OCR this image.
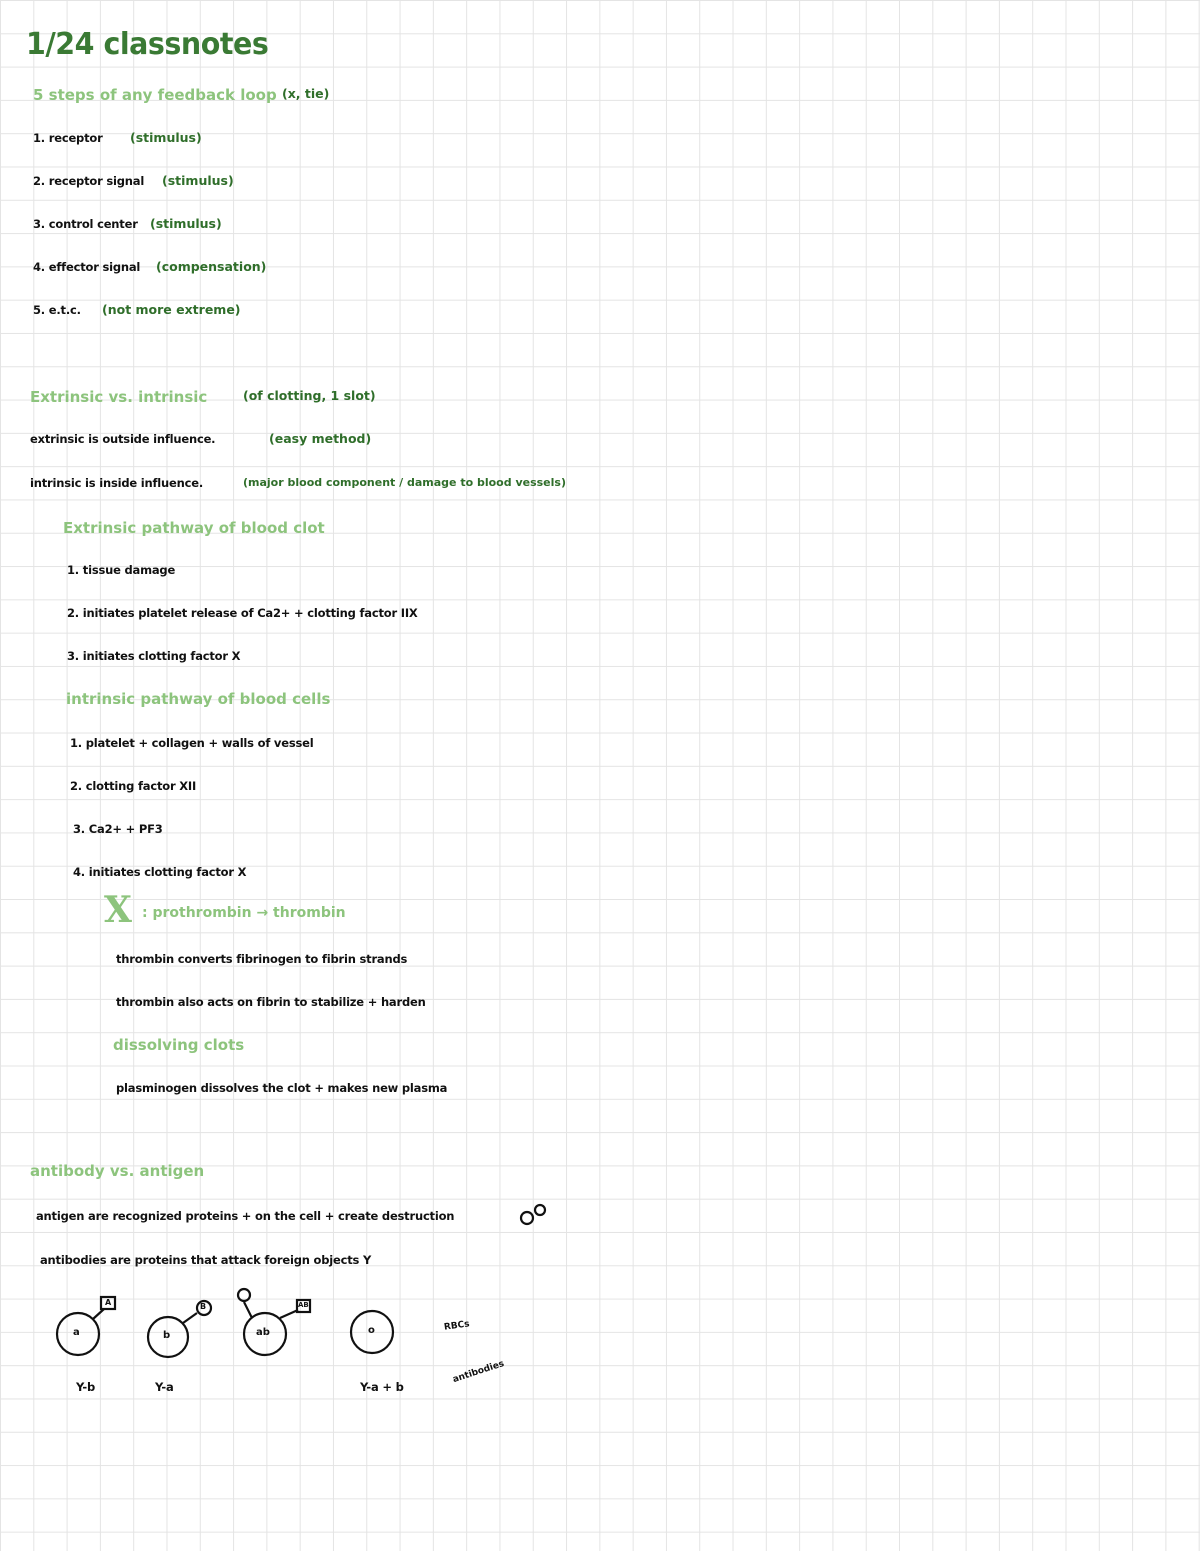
1/24 classnotes
5 steps of any feedback loop (x, tie)
1. receptor (stimulus)
2. receptor signal (stimulus)
3. control center (stimulus)
4. effector signal (compensation)
5. e.t.c. (not more extreme)
Extrinsic vs. intrinsic	(of clotting, 1 slot)
extrinsic is outside influence.	(easy method)
intrinsic is inside influence.	(major blood component / damage to blood vessels)
Extrinsic pathway of blood clot
1. tissue damage
2. initiates platelet release of Ca2+ + clotting factor IIX
3. initiates clotting factor X
intrinsic pathway of blood cells
1. platelet + collagen + walls of vessel
2. clotting factor XII
3. Ca2+ + PF3
4. initiates clotting factor X
X : prothrombin → thrombin
thrombin converts fibrinogen to fibrin strands
thrombin also acts on fibrin to stabilize + harden
dissolving clots
plasminogen dissolves the clot + makes new plasma
antibody vs. antigen
antigen are recognized proteins + on the cell + create destruction
antibodies are proteins that attack foreign objects Y
a	b	ab	o
A	B	AB
Y-b	Y-a	Y-a + b
RBCs
antibodies
